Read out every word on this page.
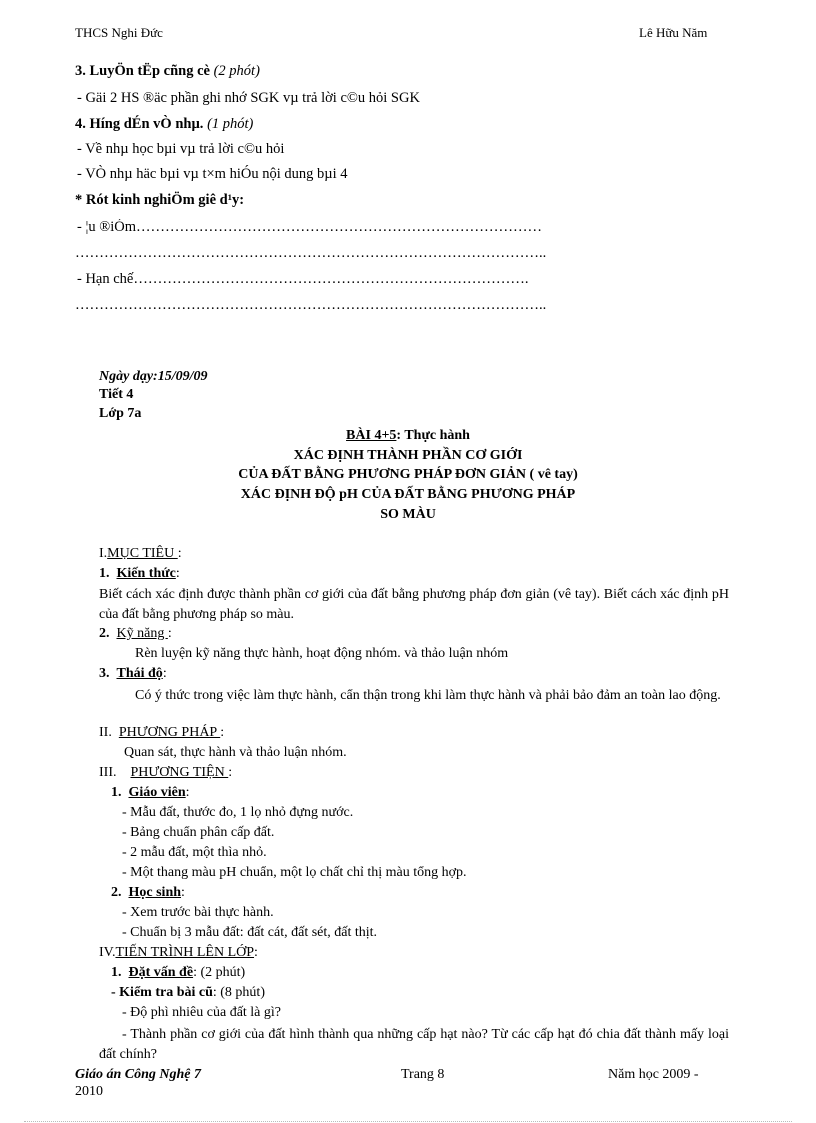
THCS Nghi Đức	Lê Hữu Năm
3. LuyÖn tËp cñng cè (2 phót)
- Gäi 2 HS ®äc phần ghi nhớ SGK vµ trả lời c©u hỏi SGK
4. Híng dÉn vÒ nhµ. (1 phót)
- Về nhµ học bµi vµ trả lời c©u hỏi
- VÒ nhµ häc bµi vµ t×m hiÓu nội dung bµi 4
* Rót kinh nghiÖm giê d¹y:
- ¦u ®iÓm…………………………………………………………………………
……………………………………………………………………………………..
- Hạn chế……………………………………………………………………….
……………………………………………………………………………………..
Ngày dạy:15/09/09
Tiết 4
Lớp 7a
BÀI 4+5: Thực hành
XÁC ĐỊNH THÀNH PHẦN CƠ GIỚI
CỦA ĐẤT BẰNG PHƯƠNG PHÁP ĐƠN GIẢN ( vê tay)
XÁC ĐỊNH ĐỘ pH CỦA ĐẤT BẰNG PHƯƠNG PHÁP
SO MÀU
I.MỤC TIÊU :
1. Kiến thức:
Biết cách xác định được thành phần cơ giới của đất bằng phương pháp đơn giản (vê tay). Biết cách xác định pH của đất bằng phương pháp so màu.
2. Kỹ năng :
Rèn luyện kỹ năng thực hành, hoạt động nhóm. và thảo luận nhóm
3. Thái độ:
Có ý thức trong việc làm thực hành, cẩn thận trong khi làm thực hành và phải bảo đảm an toàn lao động.
II. PHƯƠNG PHÁP :
Quan sát, thực hành và thảo luận nhóm.
III. PHƯƠNG TIỆN :
1. Giáo viên:
- Mẫu đất, thước đo, 1 lọ nhỏ đựng nước.
- Bảng chuẩn phân cấp đất.
- 2 mẫu đất, một thìa nhỏ.
- Một thang màu pH chuẩn, một lọ chất chỉ thị màu tổng hợp.
2. Học sinh:
- Xem trước bài thực hành.
- Chuẩn bị 3 mẫu đất: đất cát, đất sét, đất thịt.
IV.TIẾN TRÌNH LÊN LỚP:
1. Đặt vấn đề: (2 phút)
- Kiểm tra bài cũ: (8 phút)
- Độ phì nhiêu của đất là gì?
- Thành phần cơ giới của đất hình thành qua những cấp hạt nào? Từ các cấp hạt đó chia đất thành mấy loại đất chính?
Giáo án Công Nghệ 7	Trang 8	Năm học 2009 -
2010
